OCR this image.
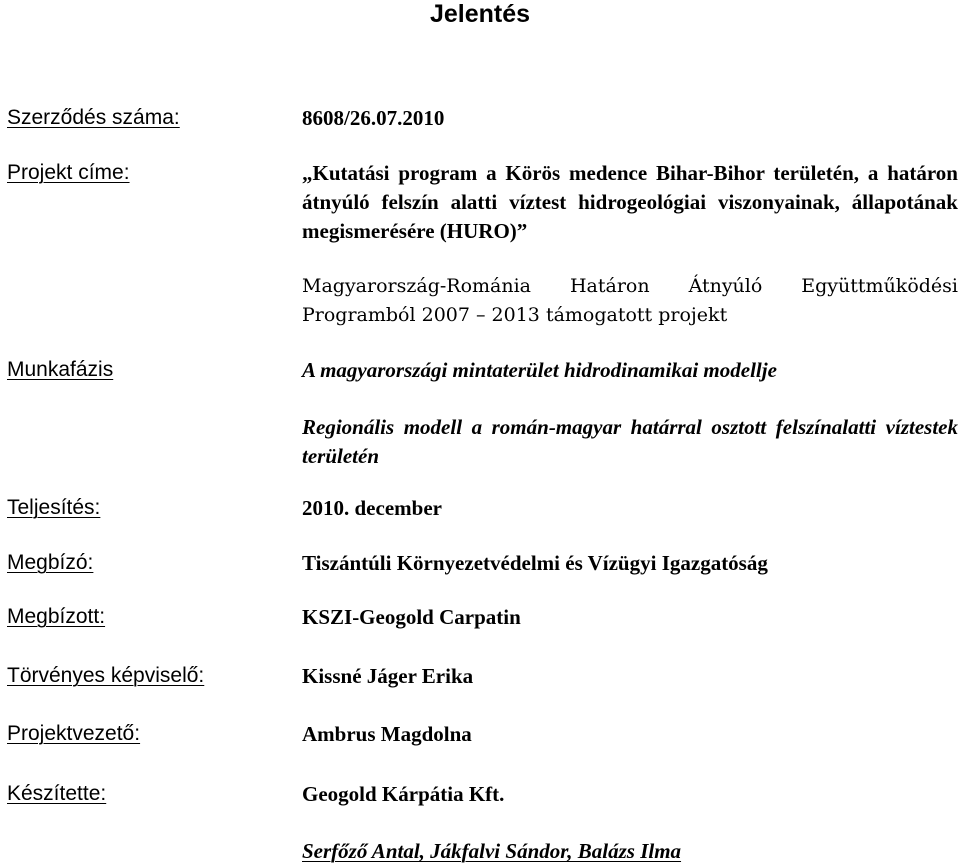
Jelentés
Szerződés száma:	8608/26.07.2010
Projekt címe:	„Kutatási program a Körös medence Bihar-Bihor területén, a határon átnyúló felszín alatti víztest hidrogeológiai viszonyainak, állapotának megismerésére (HURO)”
Magyarország-Románia Határon Átnyúló Együttműködési Programból 2007 – 2013 támogatott projekt
Munkafázis	A magyarországi mintaterület hidrodinamikai modellje
Regionális modell a román-magyar határral osztott felszínalatti víztestek területén
Teljesítés:	2010. december
Megbízó:	Tiszántúli Környezetvédelmi és Vízügyi Igazgatóság
Megbízott:	KSZI-Geogold Carpatin
Törvényes képviselő:	Kissné Jáger Erika
Projektvezető:	Ambrus Magdolna
Készítette:	Geogold Kárpátia Kft.
Serfőző Antal, Jákfalvi Sándor, Balázs Ilma
